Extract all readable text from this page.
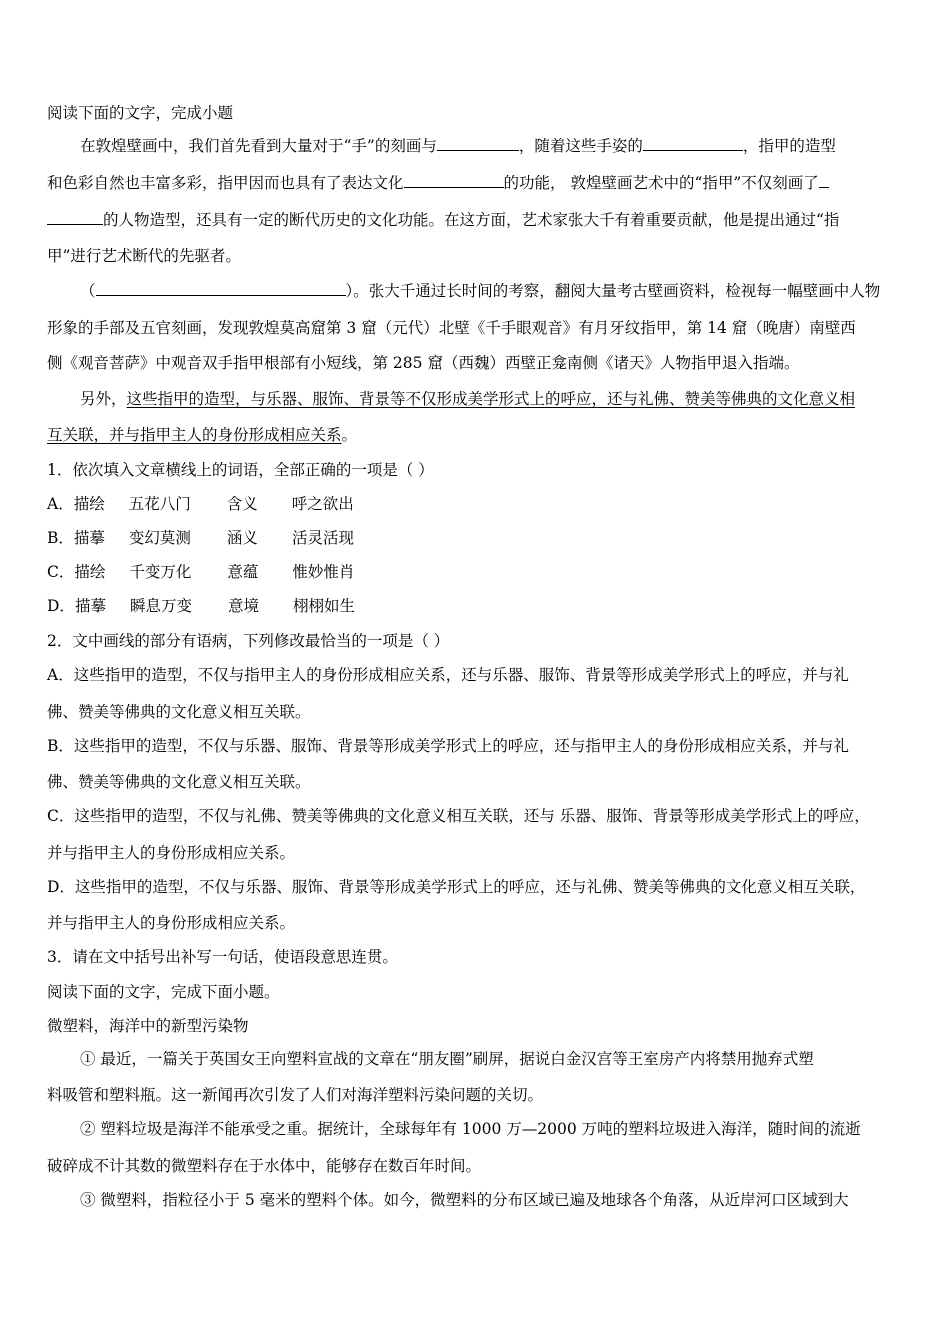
阅读下面的文字，完成小题
在敦煌壁画中，我们首先看到大量对于“手”的刻画与	，随着这些手姿的	，指甲的造型
和色彩自然也丰富多彩，指甲因而也具有了表达文化	的功能， 敦煌壁画艺术中的“指甲”不仅刻画了
的人物造型，还具有一定的断代历史的文化功能。在这方面，艺术家张大千有着重要贡献，他是提出通过“指
甲”进行艺术断代的先驱者。
（	）。张大千通过长时间的考察，翻阅大量考古壁画资料，检视每一幅壁画中人物
形象的手部及五官刻画，发现敦煌莫高窟第 3 窟（元代）北壁《千手眼观音》有月牙纹指甲，第 14 窟（晚唐）南壁西
侧《观音菩萨》中观音双手指甲根部有小短线，第 285 窟（西魏）西壁正龛南侧《诸天》人物指甲退入指端。
另外，这些指甲的造型，与乐器、服饰、背景等不仅形成美学形式上的呼应，还与礼佛、赞美等佛典的文化意义相
互关联，并与指甲主人的身份形成相应关系。
1．依次填入文章横线上的词语，全部正确的一项是（ ）
A．描绘 五花八门 含义 呼之欲出
B．描摹 变幻莫测 涵义 活灵活现
C．描绘 千变万化 意蕴 惟妙惟肖
D．描摹 瞬息万变 意境 栩栩如生
2．文中画线的部分有语病，下列修改最恰当的一项是（ ）
A．这些指甲的造型，不仅与指甲主人的身份形成相应关系，还与乐器、服饰、背景等形成美学形式上的呼应，并与礼
佛、赞美等佛典的文化意义相互关联。
B．这些指甲的造型，不仅与乐器、服饰、背景等形成美学形式上的呼应，还与指甲主人的身份形成相应关系，并与礼
佛、赞美等佛典的文化意义相互关联。
C．这些指甲的造型，不仅与礼佛、赞美等佛典的文化意义相互关联，还与 乐器、服饰、背景等形成美学形式上的呼应，
并与指甲主人的身份形成相应关系。
D．这些指甲的造型，不仅与乐器、服饰、背景等形成美学形式上的呼应，还与礼佛、赞美等佛典的文化意义相互关联，
并与指甲主人的身份形成相应关系。
3．请在文中括号出补写一句话，使语段意思连贯。
阅读下面的文字，完成下面小题。
微塑料，海洋中的新型污染物
① 最近，一篇关于英国女王向塑料宣战的文章在“朋友圈”刷屏，据说白金汉宫等王室房产内将禁用抛弃式塑
料吸管和塑料瓶。这一新闻再次引发了人们对海洋塑料污染问题的关切。
② 塑料垃圾是海洋不能承受之重。据统计，全球每年有 1000 万—2000 万吨的塑料垃圾进入海洋，随时间的流逝
破碎成不计其数的微塑料存在于水体中，能够存在数百年时间。
③ 微塑料，指粒径小于 5 毫米的塑料个体。如今，微塑料的分布区域已遍及地球各个角落，从近岸河口区域到大
